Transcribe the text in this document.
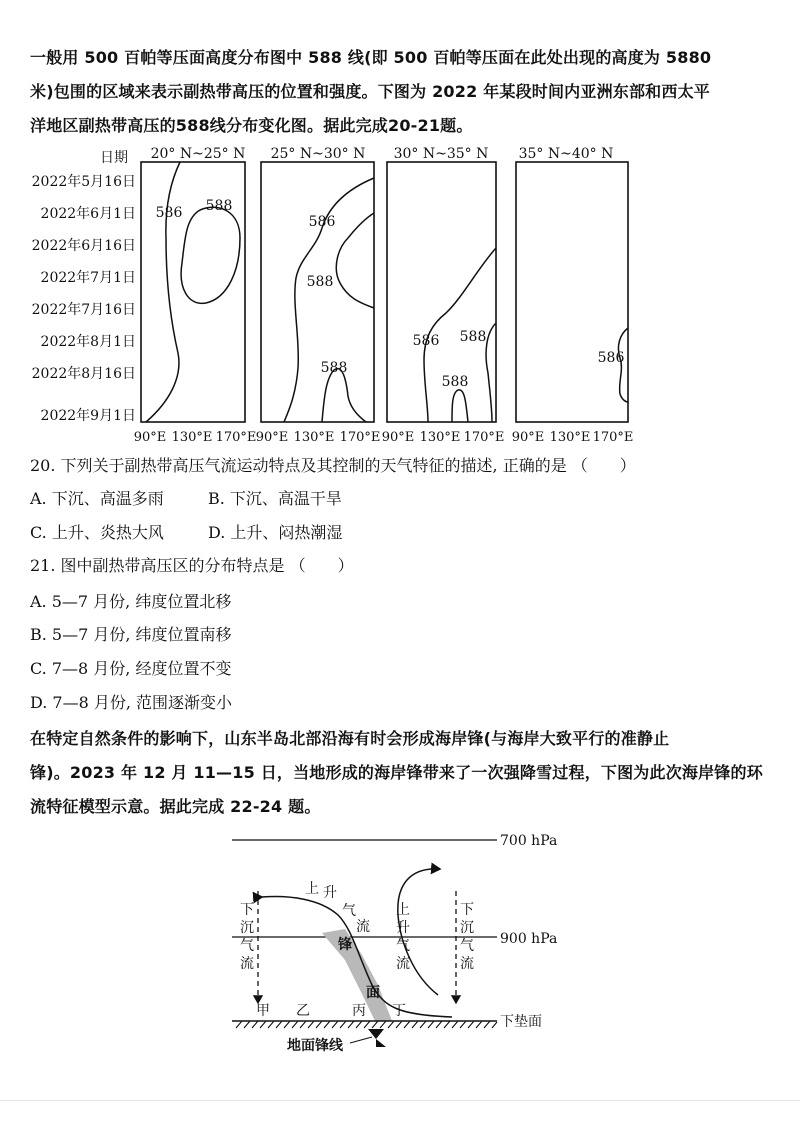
一般用 500 百帕等压面高度分布图中 588 线(即 500 百帕等压面在此处出现的高度为 5880
米)包围的区域来表示副热带高压的位置和强度。下图为 2022 年某段时间内亚洲东部和西太平
洋地区副热带高压的588线分布变化图。据此完成20-21题。
日期
2022年5月16日
2022年6月1日
2022年6月16日
2022年7月1日
2022年7月16日
2022年8月1日
2022年8月16日
2022年9月1日
20° N~25° N
586 588
25° N~30° N
586
588
588
30° N~35° N
586 588
588
35° N~40° N
586
90°E 130°E 170°E 90°E 130°E 170°E 90°E 130°E 170°E 90°E 130°E 170°E
20. 下列关于副热带高压气流运动特点及其控制的天气特征的描述, 正确的是 （　　）
A. 下沉、高温多雨	B. 下沉、高温干旱
C. 上升、炎热大风	D. 上升、闷热潮湿
21. 图中副热带高压区的分布特点是 （　　）
A. 5—7 月份, 纬度位置北移
B. 5—7 月份, 纬度位置南移
C. 7—8 月份, 经度位置不变
D. 7—8 月份, 范围逐渐变小
在特定自然条件的影响下，山东半岛北部沿海有时会形成海岸锋(与海岸大致平行的准静止
锋)。2023 年 12 月 11—15 日，当地形成的海岸锋带来了一次强降雪过程，下图为此次海岸锋的环
流特征模型示意。据此完成 22-24 题。
700 hPa
900 hPa
下
沉
气
流
上 升
气
流
上
升
气
流
下
沉
气
流
锋
面
甲 乙	丙 丁
下垫面
地面锋线
